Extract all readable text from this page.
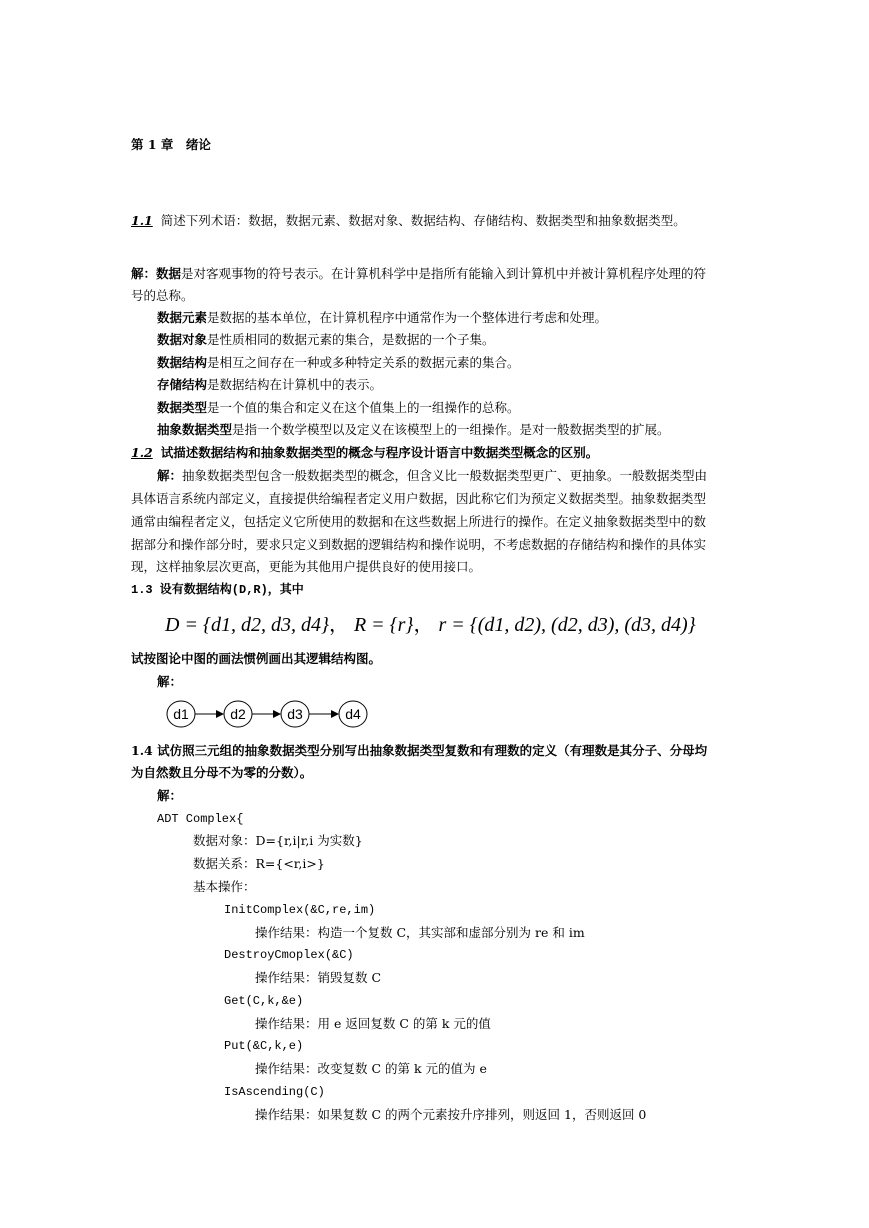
第 1 章　绪论
1.1 简述下列术语：数据，数据元素、数据对象、数据结构、存储结构、数据类型和抽象数据类型。
解：数据是对客观事物的符号表示。在计算机科学中是指所有能输入到计算机中并被计算机程序处理的符
号的总称。
数据元素是数据的基本单位，在计算机程序中通常作为一个整体进行考虑和处理。
数据对象是性质相同的数据元素的集合，是数据的一个子集。
数据结构是相互之间存在一种或多种特定关系的数据元素的集合。
存储结构是数据结构在计算机中的表示。
数据类型是一个值的集合和定义在这个值集上的一组操作的总称。
抽象数据类型是指一个数学模型以及定义在该模型上的一组操作。是对一般数据类型的扩展。
1.2 试描述数据结构和抽象数据类型的概念与程序设计语言中数据类型概念的区别。
解：抽象数据类型包含一般数据类型的概念，但含义比一般数据类型更广、更抽象。一般数据类型由
具体语言系统内部定义，直接提供给编程者定义用户数据，因此称它们为预定义数据类型。抽象数据类型
通常由编程者定义，包括定义它所使用的数据和在这些数据上所进行的操作。在定义抽象数据类型中的数
据部分和操作部分时，要求只定义到数据的逻辑结构和操作说明，不考虑数据的存储结构和操作的具体实
现，这样抽象层次更高，更能为其他用户提供良好的使用接口。
1.3 设有数据结构(D,R)，其中
D = {d1, d2, d3, d4}， R = {r}， r = {(d1, d2), (d2, d3), (d3, d4)}
试按图论中图的画法惯例画出其逻辑结构图。
解：
d1	d2	d3	d4
1.4 试仿照三元组的抽象数据类型分别写出抽象数据类型复数和有理数的定义（有理数是其分子、分母均
为自然数且分母不为零的分数）。
解：
ADT Complex{
数据对象：D={r,i|r,i 为实数}
数据关系：R={<r,i>}
基本操作：
InitComplex(&C,re,im)
操作结果：构造一个复数 C，其实部和虚部分别为 re 和 im
DestroyCmoplex(&C)
操作结果：销毁复数 C
Get(C,k,&e)
操作结果：用 e 返回复数 C 的第 k 元的值
Put(&C,k,e)
操作结果：改变复数 C 的第 k 元的值为 e
IsAscending(C)
操作结果：如果复数 C 的两个元素按升序排列，则返回 1，否则返回 0
